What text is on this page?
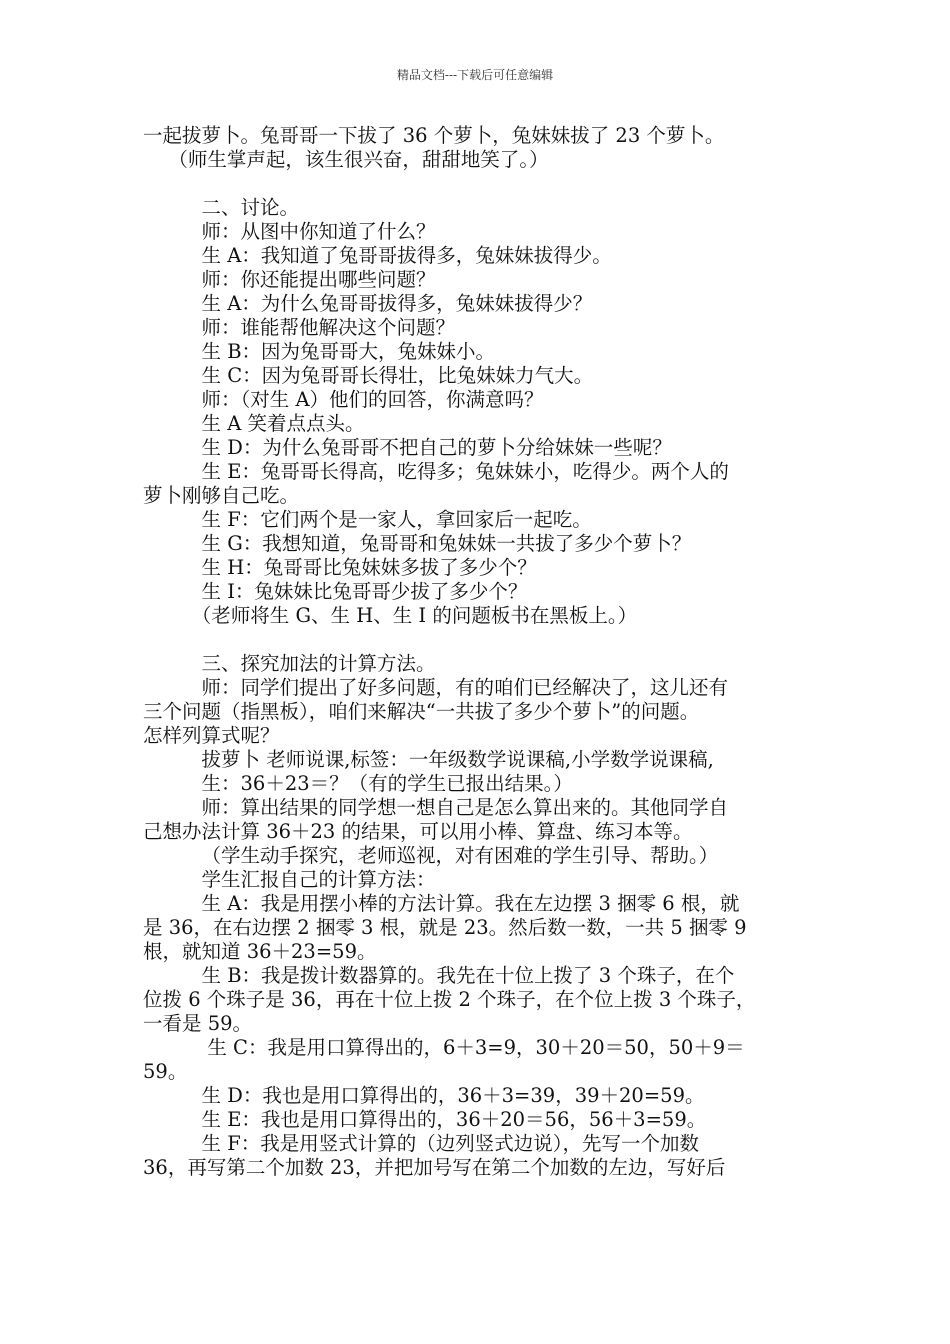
精品文档---下载后可任意编辑
一起拔萝卜。兔哥哥一下拔了 36 个萝卜，兔妹妹拔了 23 个萝卜。
（师生掌声起，该生很兴奋，甜甜地笑了。）
二、讨论。
师：从图中你知道了什么？
生 A：我知道了兔哥哥拔得多，兔妹妹拔得少。
师：你还能提出哪些问题？
生 A：为什么兔哥哥拔得多，兔妹妹拔得少？
师：谁能帮他解决这个问题？
生 B：因为兔哥哥大，兔妹妹小。
生 C：因为兔哥哥长得壮，比兔妹妹力气大。
师：（对生 A）他们的回答，你满意吗？
生 A 笑着点点头。
生 D：为什么兔哥哥不把自己的萝卜分给妹妹一些呢？
生 E：兔哥哥长得高，吃得多；兔妹妹小，吃得少。两个人的
萝卜刚够自己吃。
生 F：它们两个是一家人，拿回家后一起吃。
生 G：我想知道，兔哥哥和兔妹妹一共拔了多少个萝卜？
生 H：兔哥哥比兔妹妹多拔了多少个？
生 I：兔妹妹比兔哥哥少拔了多少个？
（老师将生 G、生 H、生 I 的问题板书在黑板上。）
三、探究加法的计算方法。
师：同学们提出了好多问题，有的咱们已经解决了，这儿还有
三个问题（指黑板），咱们来解决“一共拔了多少个萝卜”的问题。
怎样列算式呢？
拔萝卜 老师说课,标签：一年级数学说课稿,小学数学说课稿,
生：36＋23＝？（有的学生已报出结果。）
师：算出结果的同学想一想自己是怎么算出来的。其他同学自
己想办法计算 36＋23 的结果，可以用小棒、算盘、练习本等。
（学生动手探究，老师巡视，对有困难的学生引导、帮助。）
学生汇报自己的计算方法：
生 A：我是用摆小棒的方法计算。我在左边摆 3 捆零 6 根，就
是 36，在右边摆 2 捆零 3 根，就是 23。然后数一数，一共 5 捆零 9
根，就知道 36＋23=59。
生 B：我是拨计数器算的。我先在十位上拨了 3 个珠子，在个
位拨 6 个珠子是 36，再在十位上拨 2 个珠子，在个位上拨 3 个珠子，
一看是 59。
生 C：我是用口算得出的，6＋3=9，30＋20＝50，50＋9＝
59。
生 D：我也是用口算得出的，36＋3=39，39＋20=59。
生 E：我也是用口算得出的，36＋20＝56，56＋3=59。
生 F：我是用竖式计算的（边列竖式边说），先写一个加数
36，再写第二个加数 23，并把加号写在第二个加数的左边，写好后
